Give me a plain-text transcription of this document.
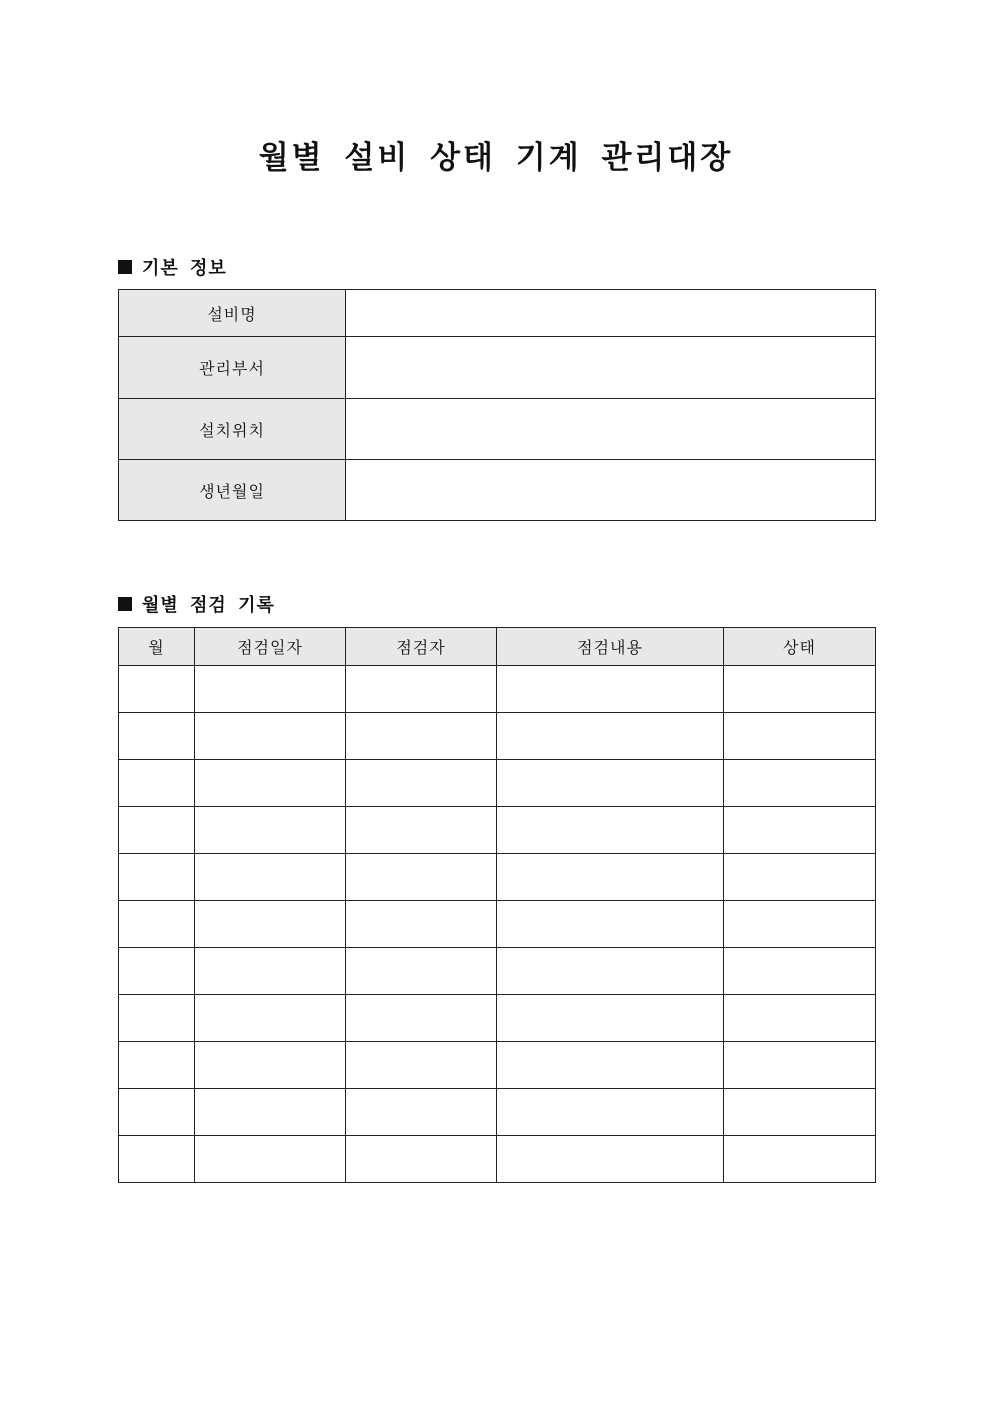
월별 설비 상태 기계 관리대장
기본 정보
설비명	
관리부서	
설치위치	
생년월일	
월별 점검 기록
월	점검일자	점검자	점검내용	상태
